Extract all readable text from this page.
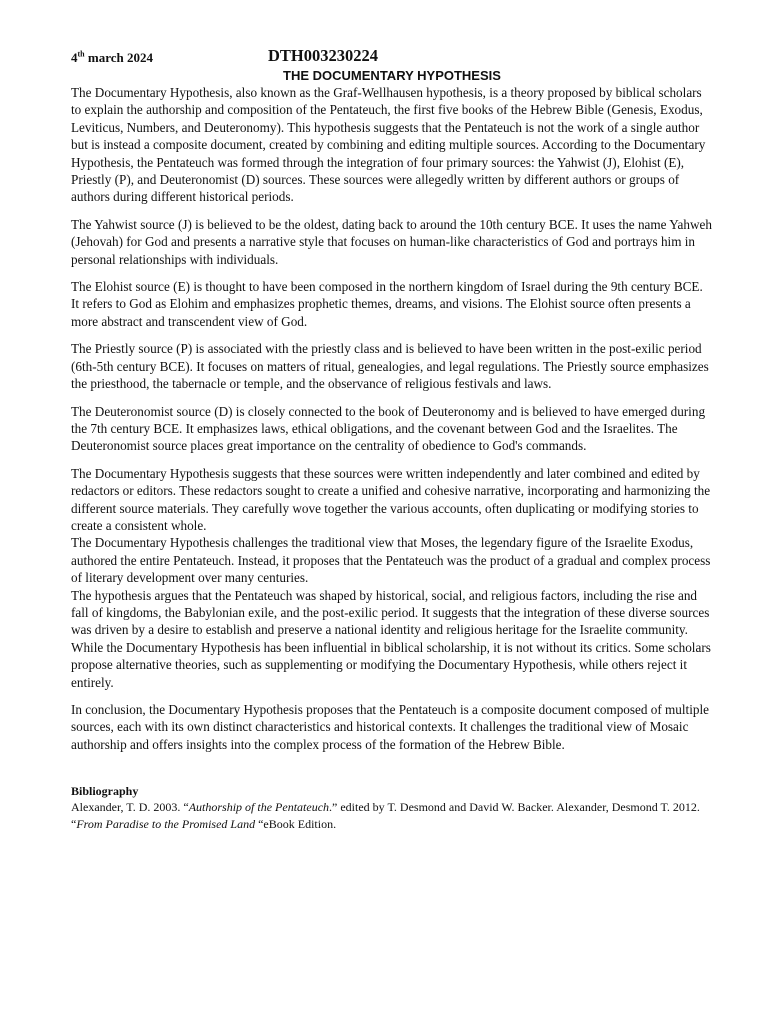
4th march 2024	DTH003230224
THE DOCUMENTARY HYPOTHESIS

The Documentary Hypothesis, also known as the Graf-Wellhausen hypothesis, is a theory proposed by biblical scholars to explain the authorship and composition of the Pentateuch, the first five books of the Hebrew Bible (Genesis, Exodus, Leviticus, Numbers, and Deuteronomy). This hypothesis suggests that the Pentateuch is not the work of a single author but is instead a composite document, created by combining and editing multiple sources. According to the Documentary Hypothesis, the Pentateuch was formed through the integration of four primary sources: the Yahwist (J), Elohist (E), Priestly (P), and Deuteronomist (D) sources. These sources were allegedly written by different authors or groups of authors during different historical periods.

The Yahwist source (J) is believed to be the oldest, dating back to around the 10th century BCE. It uses the name Yahweh (Jehovah) for God and presents a narrative style that focuses on human-like characteristics of God and portrays him in personal relationships with individuals.

The Elohist source (E) is thought to have been composed in the northern kingdom of Israel during the 9th century BCE. It refers to God as Elohim and emphasizes prophetic themes, dreams, and visions. The Elohist source often presents a more abstract and transcendent view of God.

The Priestly source (P) is associated with the priestly class and is believed to have been written in the post-exilic period (6th-5th century BCE). It focuses on matters of ritual, genealogies, and legal regulations. The Priestly source emphasizes the priesthood, the tabernacle or temple, and the observance of religious festivals and laws.

The Deuteronomist source (D) is closely connected to the book of Deuteronomy and is believed to have emerged during the 7th century BCE. It emphasizes laws, ethical obligations, and the covenant between God and the Israelites. The Deuteronomist source places great importance on the centrality of obedience to God's commands.

The Documentary Hypothesis suggests that these sources were written independently and later combined and edited by redactors or editors. These redactors sought to create a unified and cohesive narrative, incorporating and harmonizing the different source materials. They carefully wove together the various accounts, often duplicating or modifying stories to create a consistent whole.

The Documentary Hypothesis challenges the traditional view that Moses, the legendary figure of the Israelite Exodus, authored the entire Pentateuch. Instead, it proposes that the Pentateuch was the product of a gradual and complex process of literary development over many centuries.

The hypothesis argues that the Pentateuch was shaped by historical, social, and religious factors, including the rise and fall of kingdoms, the Babylonian exile, and the post-exilic period. It suggests that the integration of these diverse sources was driven by a desire to establish and preserve a national identity and religious heritage for the Israelite community.

While the Documentary Hypothesis has been influential in biblical scholarship, it is not without its critics. Some scholars propose alternative theories, such as supplementing or modifying the Documentary Hypothesis, while others reject it entirely.

In conclusion, the Documentary Hypothesis proposes that the Pentateuch is a composite document composed of multiple sources, each with its own distinct characteristics and historical contexts. It challenges the traditional view of Mosaic authorship and offers insights into the complex process of the formation of the Hebrew Bible.

Bibliography
Alexander, T. D. 2003. “Authorship of the Pentateuch.” edited by T. Desmond and David W. Backer. Alexander, Desmond T. 2012. “From Paradise to the Promised Land “eBook Edition.
